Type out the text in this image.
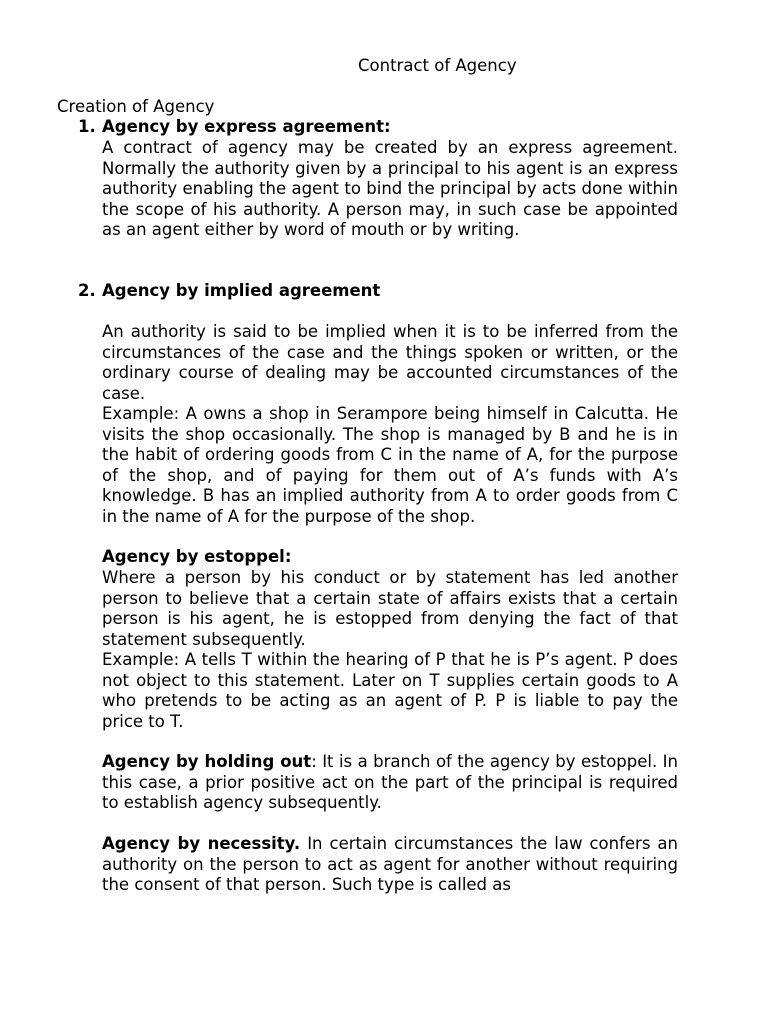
Contract of Agency
Creation of Agency
1. Agency by express agreement:
A contract of agency may be created by an express agreement. Normally the authority given by a principal to his agent is an express authority enabling the agent to bind the principal by acts done within the scope of his authority. A person may, in such case be appointed as an agent either by word of mouth or by writing.
2. Agency by implied agreement
An authority is said to be implied when it is to be inferred from the circumstances of the case and the things spoken or written, or the ordinary course of dealing may be accounted circumstances of the case.
Example: A owns a shop in Serampore being himself in Calcutta. He visits the shop occasionally. The shop is managed by B and he is in the habit of ordering goods from C in the name of A, for the purpose of the shop, and of paying for them out of A’s funds with A’s knowledge. B has an implied authority from A to order goods from C in the name of A for the purpose of the shop.
Agency by estoppel:
Where a person by his conduct or by statement has led another person to believe that a certain state of affairs exists that a certain person is his agent, he is estopped from denying the fact of that statement subsequently.
Example: A tells T within the hearing of P that he is P’s agent. P does not object to this statement. Later on T supplies certain goods to A who pretends to be acting as an agent of P. P is liable to pay the price to T.
Agency by holding out: It is a branch of the agency by estoppel. In this case, a prior positive act on the part of the principal is required to establish agency subsequently.
Agency by necessity. In certain circumstances the law confers an authority on the person to act as agent for another without requiring the consent of that person. Such type is called as
